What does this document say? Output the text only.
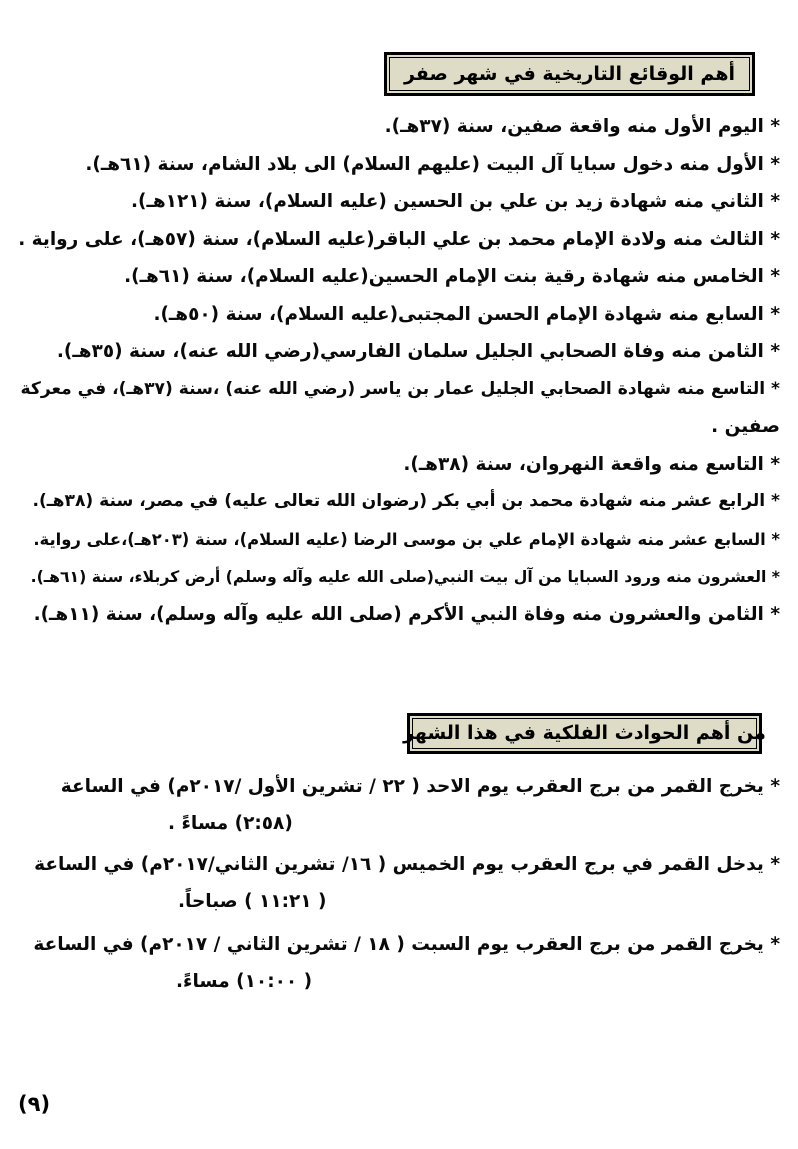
أهم الوقائع التاريخية في شهر صفر
* اليوم الأول منه واقعة صفين، سنة (٣٧هـ).
* الأول منه دخول سبايا آل البيت (عليهم السلام) الى بلاد الشام، سنة (٦١هـ).
* الثاني منه شهادة زيد بن علي بن الحسين (عليه السلام)، سنة (١٢١هـ).
* الثالث منه ولادة الإمام محمد بن علي الباقر(عليه السلام)، سنة (٥٧هـ)، على رواية .
* الخامس منه شهادة رقية بنت الإمام الحسين(عليه السلام)، سنة (٦١هـ).
* السابع منه شهادة الإمام الحسن المجتبى(عليه السلام)، سنة (٥٠هـ).
* الثامن منه وفاة الصحابي الجليل سلمان الفارسي(رضي الله عنه)، سنة (٣٥هـ).
* التاسع منه شهادة الصحابي الجليل عمار بن ياسر (رضي الله عنه) ،سنة (٣٧هـ)، في معركة
صفين .
* التاسع منه واقعة النهروان، سنة (٣٨هـ).
* الرابع عشر منه شهادة محمد بن أبي بكر (رضوان الله تعالى عليه) في مصر، سنة (٣٨هـ).
* السابع عشر منه شهادة الإمام علي بن موسى الرضا (عليه السلام)، سنة (٢٠٣هـ)،على رواية.
* العشرون منه ورود السبايا من آل بيت النبي(صلى الله عليه وآله وسلم) أرض كربلاء، سنة (٦١هـ).
* الثامن والعشرون منه وفاة النبي الأكرم (صلى الله عليه وآله وسلم)، سنة (١١هـ).
من أهم الحوادث الفلكية في هذا الشهر
* يخرج القمر من برج العقرب يوم الاحد ( ٢٢ / تشرين الأول /٢٠١٧م) في الساعة
(٢:٥٨) مساءً .
* يدخل القمر في برج العقرب يوم الخميس ( ١٦/ تشرين الثاني/٢٠١٧م) في الساعة
( ١١:٢١ ) صباحاً.
* يخرج القمر من برج العقرب يوم السبت ( ١٨ / تشرين الثاني / ٢٠١٧م) في الساعة
( ١٠:٠٠) مساءً.
(٩)
